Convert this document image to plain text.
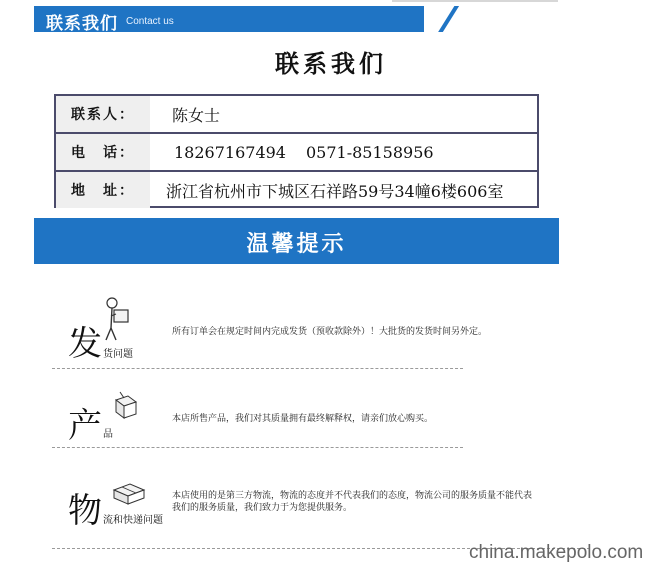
联系我们 Contact us
联系我们
联系人：	陈女士
电　话：	18267167494 0571-85158956
地　址：	浙江省杭州市下城区石祥路59号34幢6楼606室
温馨提示
发 货问题
所有订单会在规定时间内完成发货（预收款除外）！大批货的发货时间另外定。
产 品
本店所售产品，我们对其质量拥有最终解释权，请亲们放心购买。
物 流和快递问题
本店使用的是第三方物流，物流的态度并不代表我们的态度，物流公司的服务质量不能代表
我们的服务质量，我们致力于为您提供服务。
china.makepolo.com
